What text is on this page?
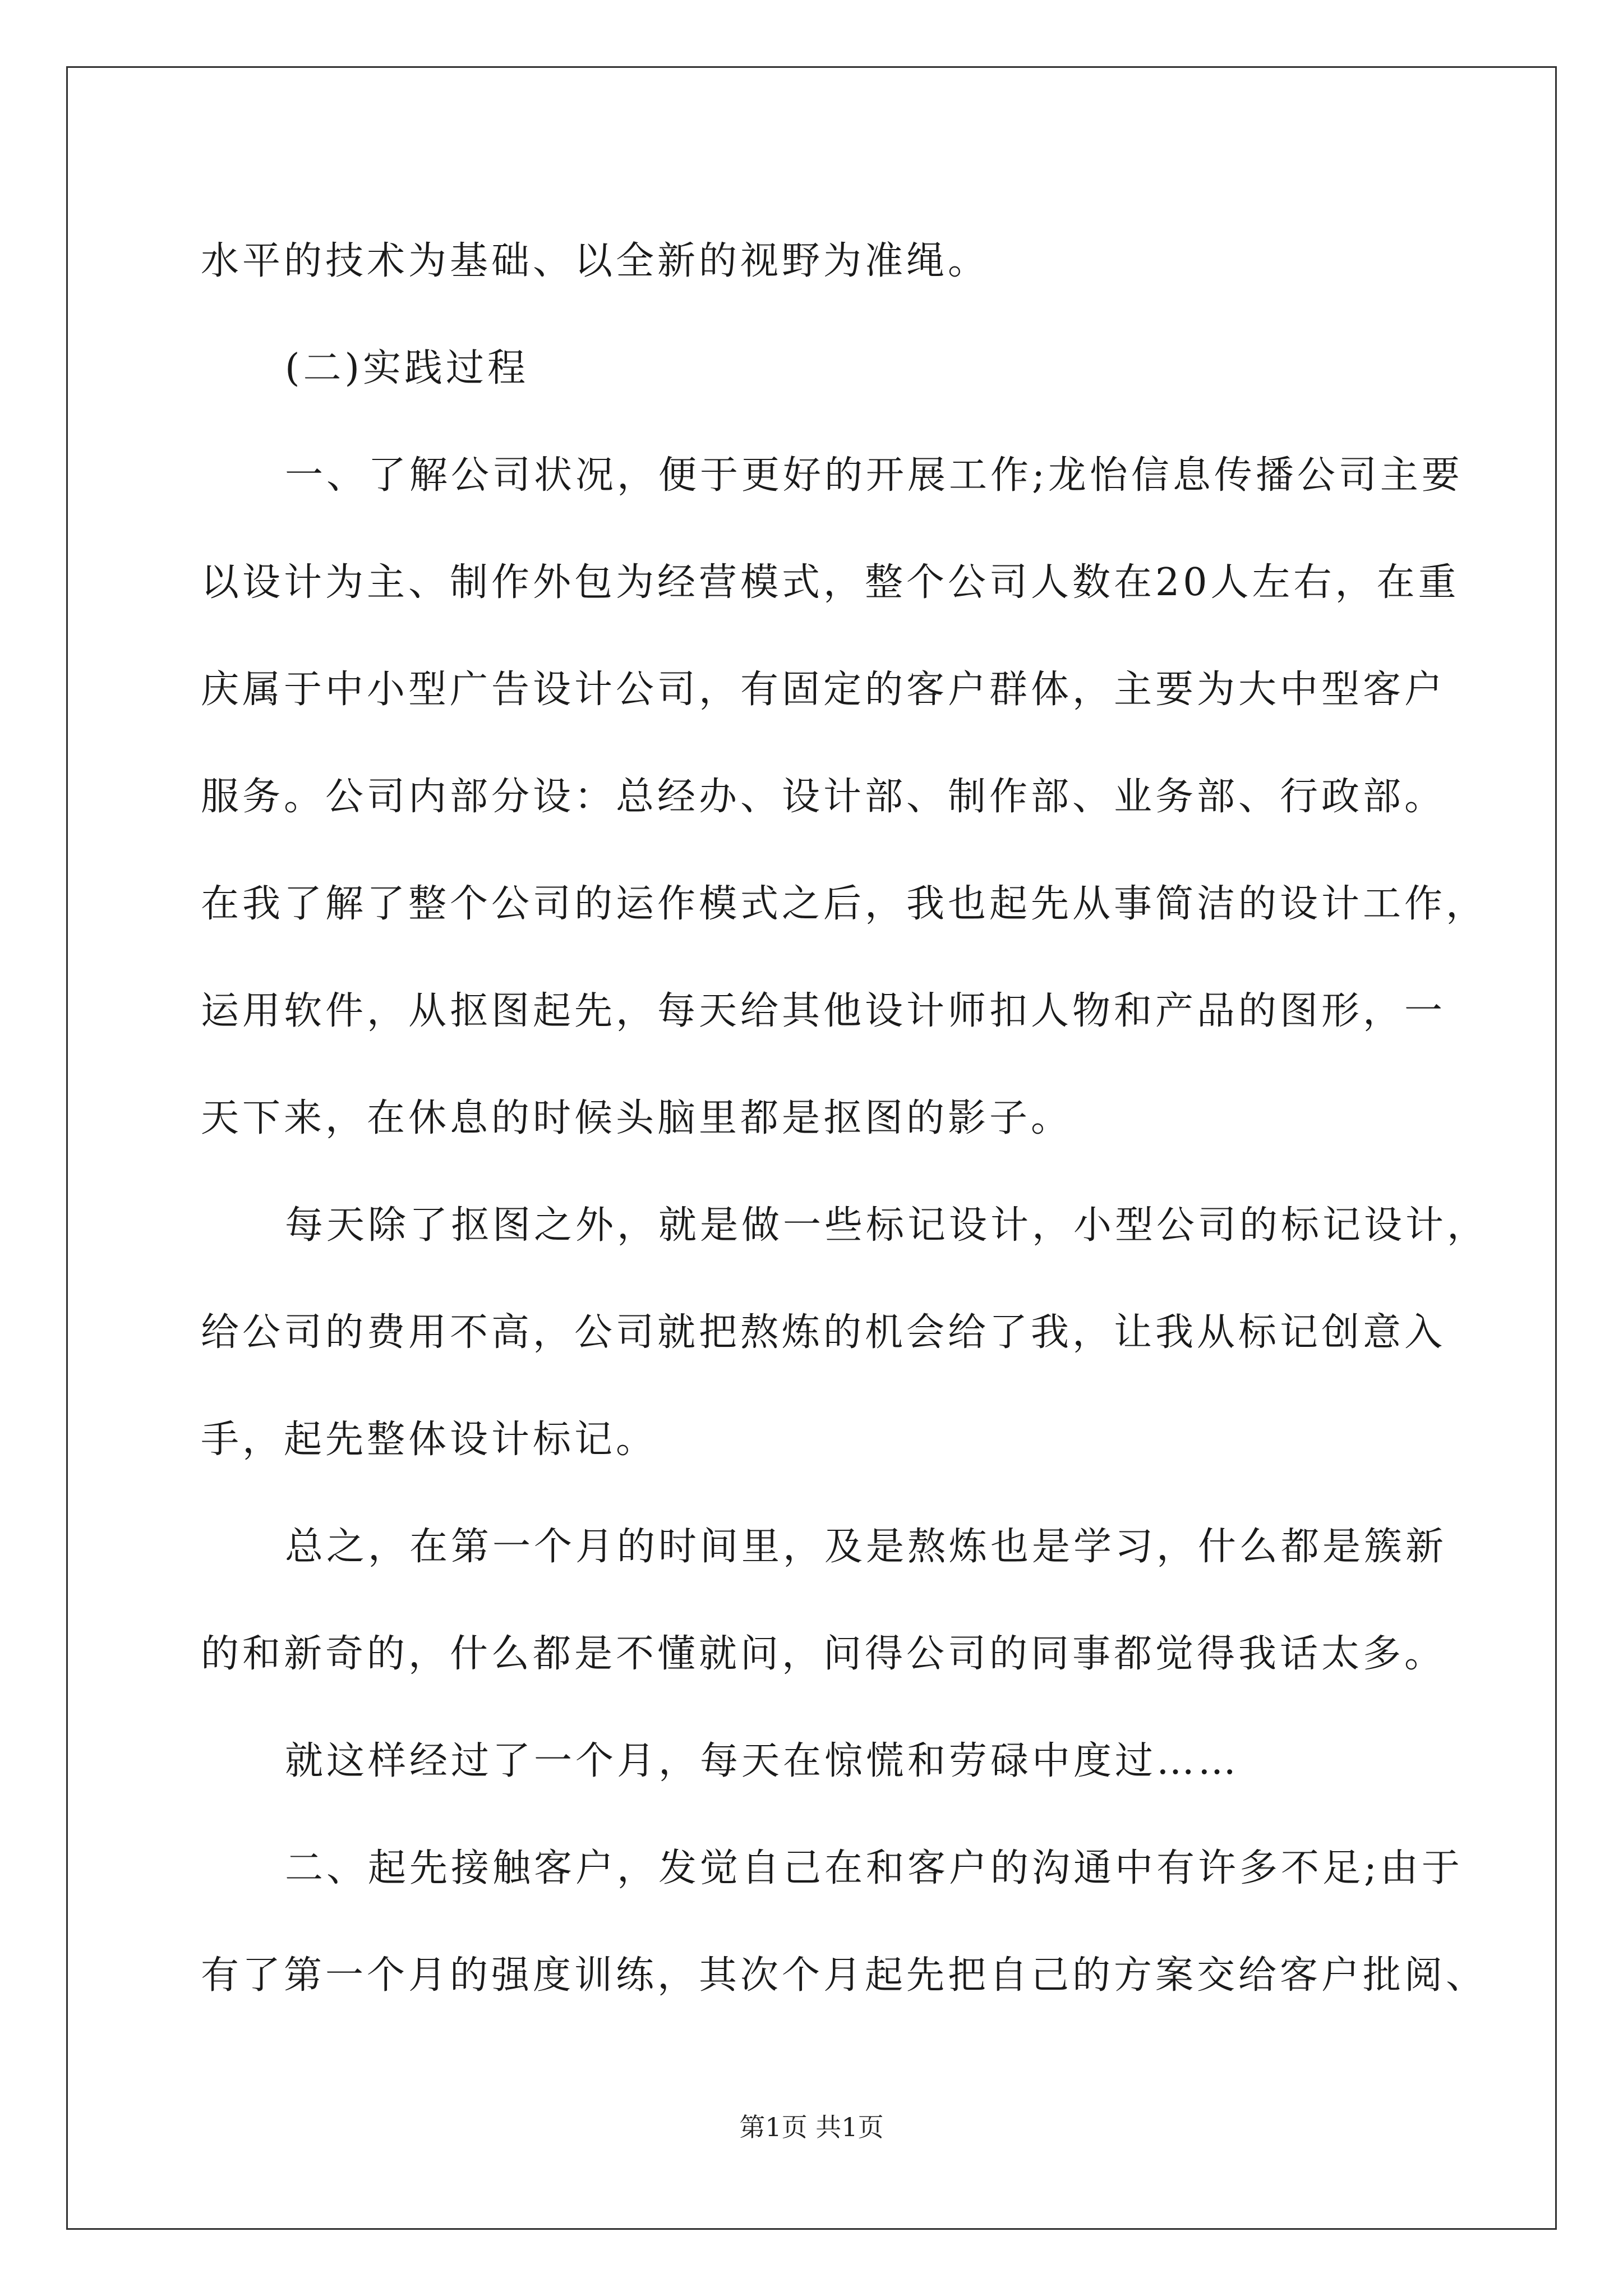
水平的技术为基础、以全新的视野为准绳。
(二)实践过程
一、了解公司状况，便于更好的开展工作;龙怡信息传播公司主要
以设计为主、制作外包为经营模式，整个公司人数在20人左右，在重
庆属于中小型广告设计公司，有固定的客户群体，主要为大中型客户
服务。公司内部分设：总经办、设计部、制作部、业务部、行政部。
在我了解了整个公司的运作模式之后，我也起先从事简洁的设计工作，
运用软件，从抠图起先，每天给其他设计师扣人物和产品的图形，一
天下来，在休息的时候头脑里都是抠图的影子。
每天除了抠图之外，就是做一些标记设计，小型公司的标记设计，
给公司的费用不高，公司就把熬炼的机会给了我，让我从标记创意入
手，起先整体设计标记。
总之，在第一个月的时间里，及是熬炼也是学习，什么都是簇新
的和新奇的，什么都是不懂就问，问得公司的同事都觉得我话太多。
就这样经过了一个月，每天在惊慌和劳碌中度过……
二、起先接触客户，发觉自己在和客户的沟通中有许多不足;由于
有了第一个月的强度训练，其次个月起先把自己的方案交给客户批阅、
第1页 共1页
